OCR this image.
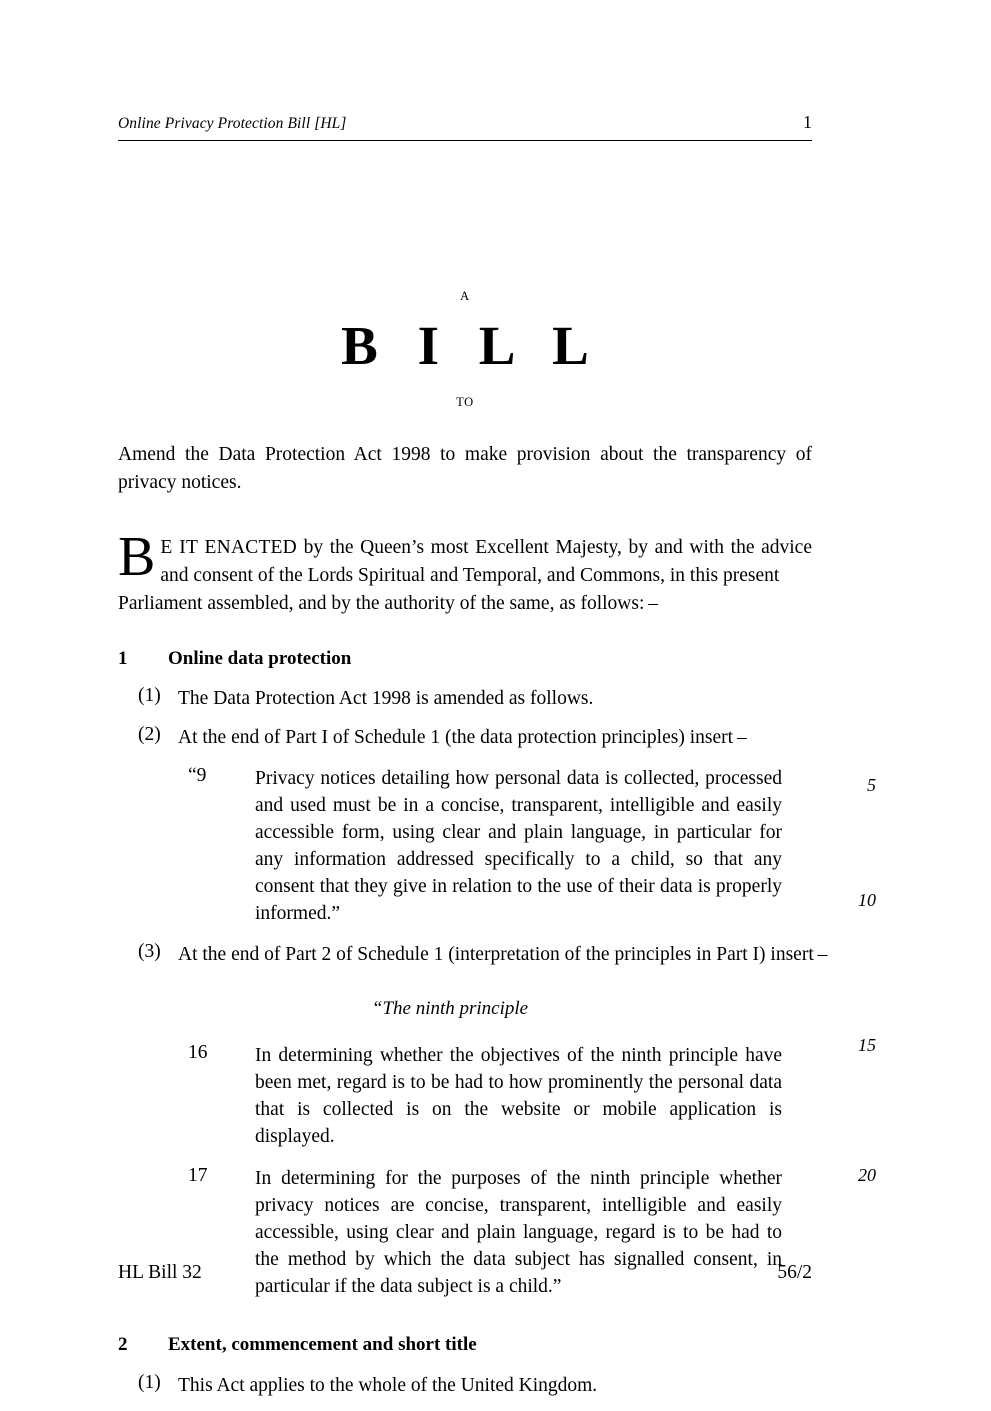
Online Privacy Protection Bill [HL]	1
A
B I L L
TO
Amend the Data Protection Act 1998 to make provision about the transparency of privacy notices.
B E IT ENACTED by the Queen’s most Excellent Majesty, by and with the advice and consent of the Lords Spiritual and Temporal, and Commons, in this present
Parliament assembled, and by the authority of the same, as follows: –
1 Online data protection
(1) The Data Protection Act 1998 is amended as follows.
(2) At the end of Part I of Schedule 1 (the data protection principles) insert –
“9 Privacy notices detailing how personal data is collected, processed and used must be in a concise, transparent, intelligible and easily accessible form, using clear and plain language, in particular for any information addressed specifically to a child, so that any consent that they give in relation to the use of their data is properly informed.”
(3) At the end of Part 2 of Schedule 1 (interpretation of the principles in Part I) insert –
“The ninth principle
16 In determining whether the objectives of the ninth principle have been met, regard is to be had to how prominently the personal data that is collected is on the website or mobile application is displayed.
17 In determining for the purposes of the ninth principle whether privacy notices are concise, transparent, intelligible and easily accessible, using clear and plain language, regard is to be had to the method by which the data subject has signalled consent, in particular if the data subject is a child.”
2 Extent, commencement and short title
(1) This Act applies to the whole of the United Kingdom.
5
10
15
20
HL Bill 32	56/2
